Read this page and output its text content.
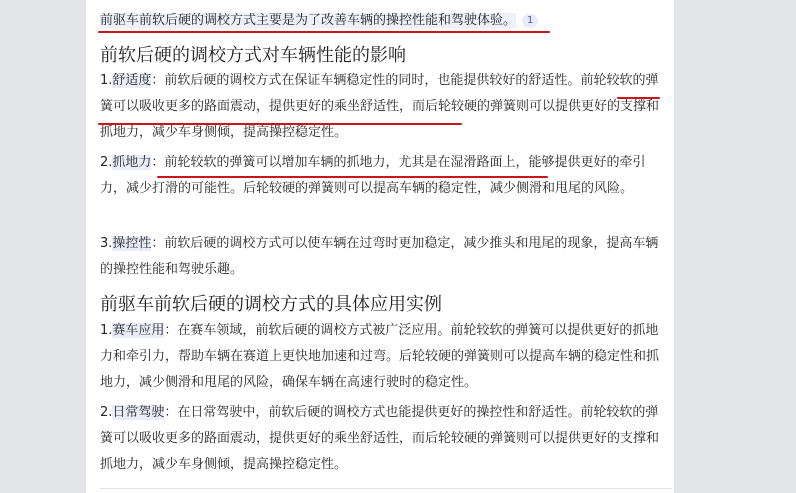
前驱车前软后硬的调校方式主要是为了改善车辆的操控性能和驾驶体验。 1
前软后硬的调校方式对车辆性能的影响
1.舒适度：前软后硬的调校方式在保证车辆稳定性的同时，也能提供较好的舒适性。前轮较软的弹簧可以吸收更多的路面震动，提供更好的乘坐舒适性，而后轮较硬的弹簧则可以提供更好的支撑和抓地力，减少车身侧倾，提高操控稳定性。
2.抓地力：前轮较软的弹簧可以增加车辆的抓地力，尤其是在湿滑路面上，能够提供更好的牵引力，减少打滑的可能性。后轮较硬的弹簧则可以提高车辆的稳定性，减少侧滑和甩尾的风险。
3.操控性：前软后硬的调校方式可以使车辆在过弯时更加稳定，减少推头和甩尾的现象，提高车辆的操控性能和驾驶乐趣。
前驱车前软后硬的调校方式的具体应用实例
1.赛车应用：在赛车领域，前软后硬的调校方式被广泛应用。前轮较软的弹簧可以提供更好的抓地力和牵引力，帮助车辆在赛道上更快地加速和过弯。后轮较硬的弹簧则可以提高车辆的稳定性和抓地力，减少侧滑和甩尾的风险，确保车辆在高速行驶时的稳定性。
2.日常驾驶：在日常驾驶中，前软后硬的调校方式也能提供更好的操控性和舒适性。前轮较软的弹簧可以吸收更多的路面震动，提供更好的乘坐舒适性，而后轮较硬的弹簧则可以提供更好的支撑和抓地力，减少车身侧倾，提高操控稳定性。
